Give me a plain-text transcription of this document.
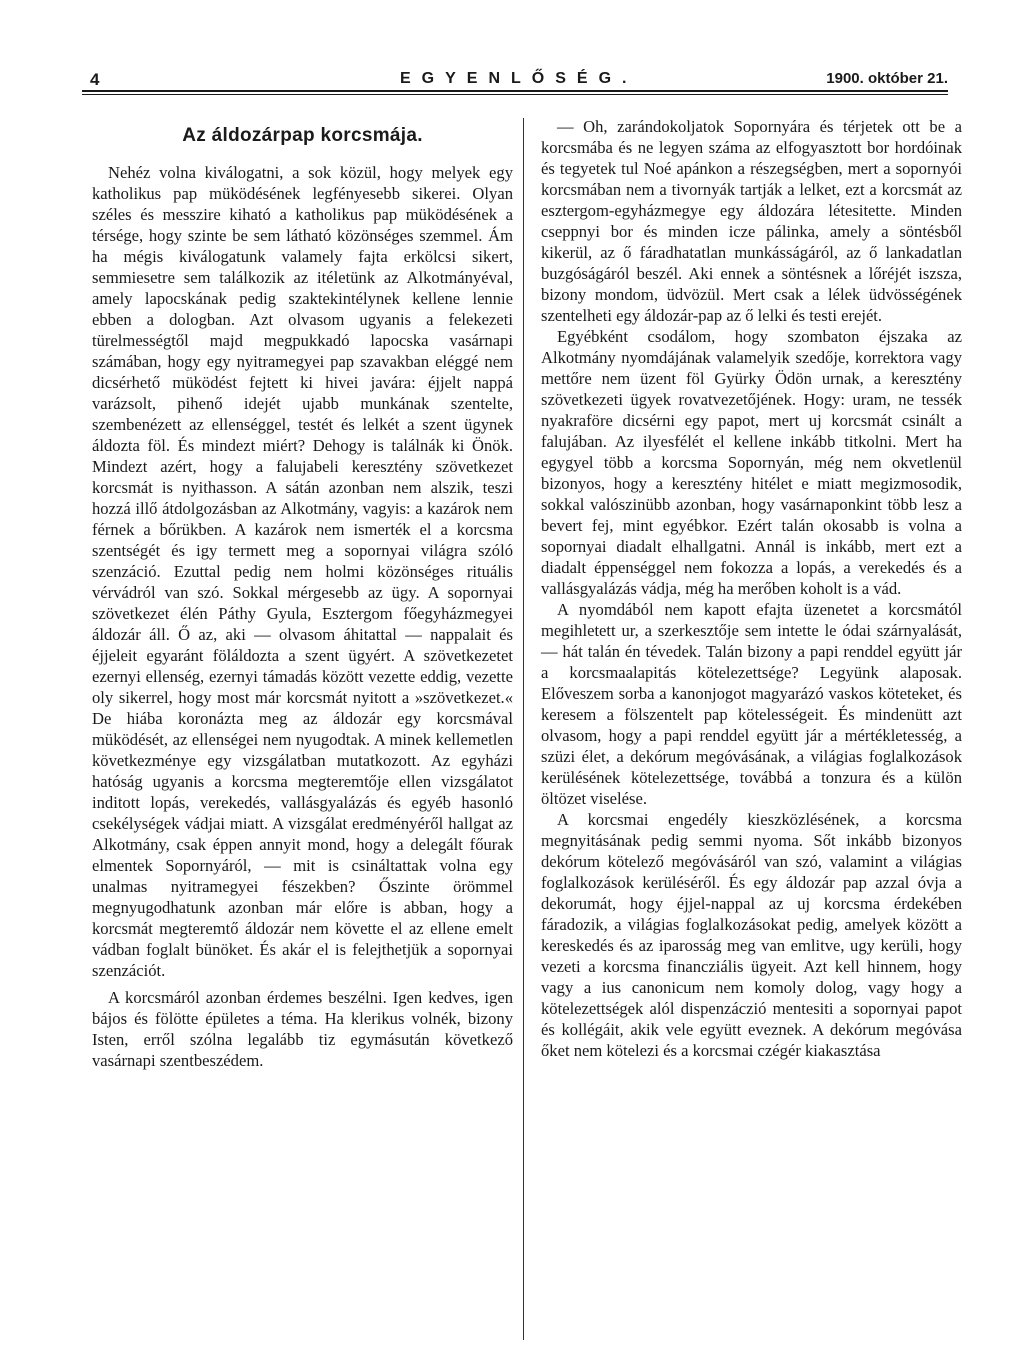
4	EGYENLŐSÉG.	1900. október 21.
Az áldozárpap korcsmája.

Nehéz volna kiválogatni, a sok közül, hogy melyek egy katholikus pap müködésének legfényesebb sikerei. Olyan széles és messzire kiható a katholikus pap müködésének a térsége, hogy szinte be sem látható közönséges szemmel. Ám ha mégis kiválogatunk valamely fajta erkölcsi sikert, semmiesetre sem találkozik az itéletünk az Alkotmányéval, amely lapocskának pedig szaktekintélynek kellene lennie ebben a dologban. Azt olvasom ugyanis a felekezeti türelmességtől majd megpukkadó lapocska vasárnapi számában, hogy egy nyitramegyei pap szavakban eléggé nem dicsérhető müködést fejtett ki hivei javára: éjjelt nappá varázsolt, pihenő idejét ujabb munkának szentelte, szembenézett az ellenséggel, testét és lelkét a szent ügynek áldozta föl. És mindezt miért? Dehogy is találnák ki Önök. Mindezt azért, hogy a falujabeli keresztény szövetkezet korcsmát is nyithasson. A sátán azonban nem alszik, teszi hozzá illő átdolgozásban az Alkotmány, vagyis: a kazárok nem férnek a bőrükben. A kazárok nem ismerték el a korcsma szentségét és igy termett meg a sopornyai világra szóló szenzáció. Ezuttal pedig nem holmi közönséges rituális vérvádról van szó. Sokkal mérgesebb az ügy. A sopornyai szövetkezet élén Páthy Gyula, Esztergom főegyházmegyei áldozár áll. Ő az, aki — olvasom áhitattal — nappalait és éjjeleit egyaránt föláldozta a szent ügyért. A szövetkezetet ezernyi ellenség, ezernyi támadás között vezette eddig, vezette oly sikerrel, hogy most már korcsmát nyitott a »szövetkezet.« De hiába koronázta meg az áldozár egy korcsmával müködését, az ellenségei nem nyugodtak. A minek kellemetlen következménye egy vizsgálatban mutatkozott. Az egyházi hatóság ugyanis a korcsma megteremtője ellen vizsgálatot inditott lopás, verekedés, vallásgyalázás és egyéb hasonló csekélységek vádjai miatt. A vizsgálat eredményéről hallgat az Alkotmány, csak éppen annyit mond, hogy a delegált főurak elmentek Sopornyáról, — mit is csináltattak volna egy unalmas nyitramegyei fészekben? Őszinte örömmel megnyugodhatunk azonban már előre is abban, hogy a korcsmát megteremtő áldozár nem követte el az ellene emelt vádban foglalt bünöket. És akár el is felejthetjük a sopornyai szenzációt.

A korcsmáról azonban érdemes beszélni. Igen kedves, igen bájos és fölötte épületes a téma. Ha klerikus volnék, bizony Isten, erről szólna legalább tiz egymásután következő vasárnapi szentbeszédem.

— Oh, zarándokoljatok Sopornyára és térjetek ott be a korcsmába és ne legyen száma az elfogyasztott bor hordóinak és tegyetek tul Noé apánkon a részegségben, mert a sopornyói korcsmában nem a tivornyák tartják a lelket, ezt a korcsmát az esztergom-egyházmegye egy áldozára létesitette. Minden cseppnyi bor és minden icze pálinka, amely a söntésből kikerül, az ő fáradhatatlan munkásságáról, az ő lankadatlan buzgóságáról beszél. Aki ennek a söntésnek a lőréjét iszsza, bizony mondom, üdvözül. Mert csak a lélek üdvösségének szentelheti egy áldozár-pap az ő lelki és testi erejét.

Egyébként csodálom, hogy szombaton éjszaka az Alkotmány nyomdájának valamelyik szedője, korrektora vagy mettőre nem üzent föl Gyürky Ödön urnak, a keresztény szövetkezeti ügyek rovatvezetőjének. Hogy: uram, ne tessék nyakraföre dicsérni egy papot, mert uj korcsmát csinált a falujában. Az ilyesfélét el kellene inkább titkolni. Mert ha egygyel több a korcsma Sopornyán, még nem okvetlenül bizonyos, hogy a keresztény hitélet e miatt megizmosodik, sokkal valószinübb azonban, hogy vasárnaponkint több lesz a bevert fej, mint egyébkor. Ezért talán okosabb is volna a sopornyai diadalt elhallgatni. Annál is inkább, mert ezt a diadalt éppenséggel nem fokozza a lopás, a verekedés és a vallásgyalázás vádja, még ha merőben koholt is a vád.

A nyomdából nem kapott efajta üzenetet a korcsmától megihletett ur, a szerkesztője sem intette le ódai szárnyalását, — hát talán én tévedek. Talán bizony a papi renddel együtt jár a korcsmaalapitás kötelezettsége? Legyünk alaposak. Előveszem sorba a kanonjogot magyarázó vaskos köteteket, és keresem a fölszentelt pap kötelességeit. És mindenütt azt olvasom, hogy a papi renddel együtt jár a mértékletesség, a szüzi élet, a dekórum megóvásának, a világias foglalkozások kerülésének kötelezettsége, továbbá a tonzura és a külön öltözet viselése.

A korcsmai engedély kieszközlésének, a korcsma megnyitásának pedig semmi nyoma. Sőt inkább bizonyos dekórum kötelező megóvásáról van szó, valamint a világias foglalkozások kerüléséről. És egy áldozár pap azzal óvja a dekorumát, hogy éjjel-nappal az uj korcsma érdekében fáradozik, a világias foglalkozásokat pedig, amelyek között a kereskedés és az iparosság meg van emlitve, ugy kerüli, hogy vezeti a korcsma financziális ügyeit. Azt kell hinnem, hogy vagy a ius canonicum nem komoly dolog, vagy hogy a kötelezettségek alól dispenzáczió mentesiti a sopornyai papot és kollégáit, akik vele együtt eveznek. A dekórum megóvása őket nem kötelezi és a korcsmai czégér kiakasztása
